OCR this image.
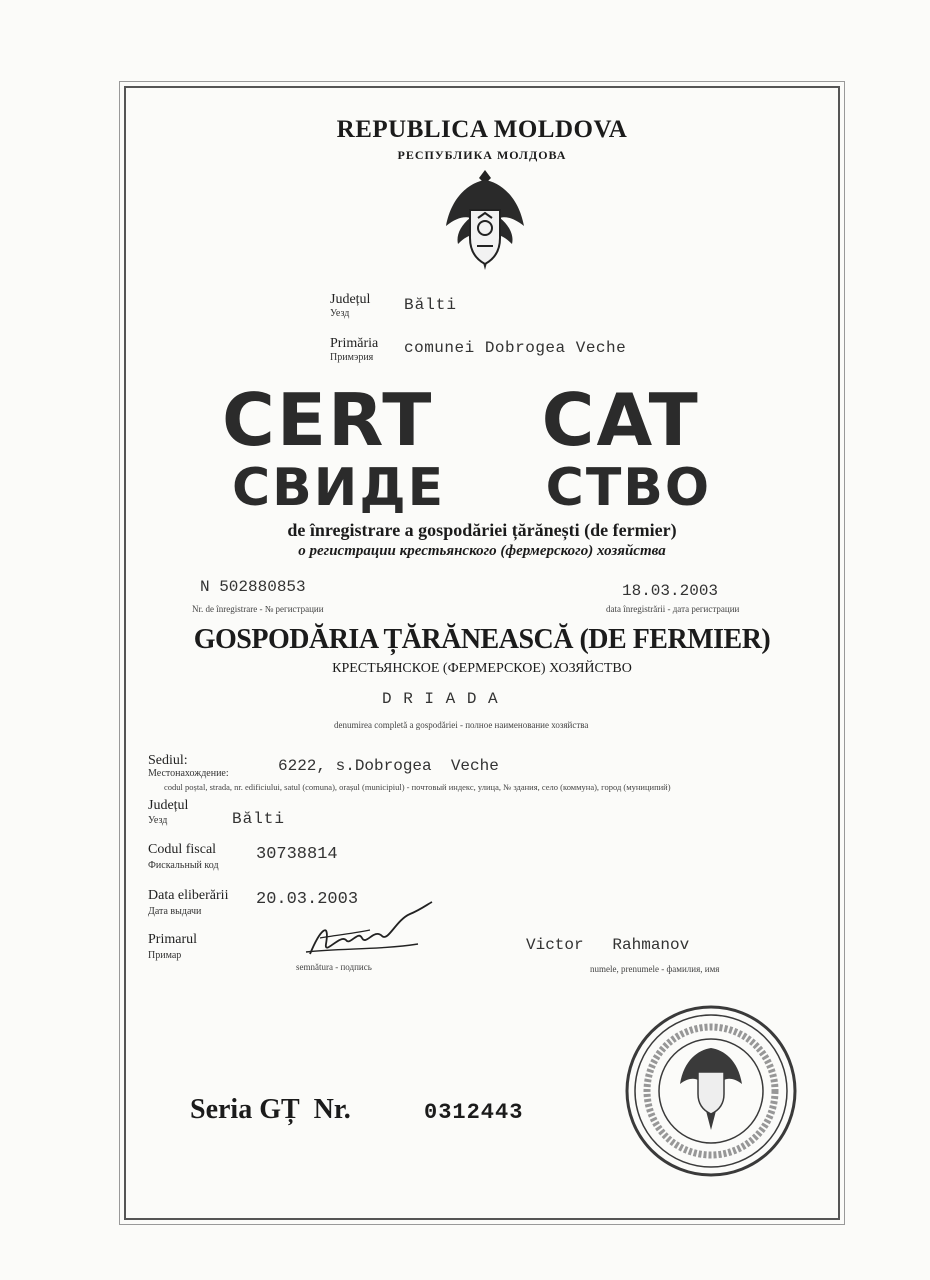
REPUBLICA MOLDOVA
РЕСПУБЛИКА МОЛДОВА
Județul
Уезд	Bălti
Primăria
Примэрия
comunei Dobrogea Veche
CERT    CAT
СВИДЕ     СТВО
de înregistrare a gospodăriei țărănești (de fermier)
о регистрации крестьянского (фермерского) хозяйства
N 502880853
Nr. de înregistrare - № регистрации
18.03.2003
data înregistrării - дата регистрации
GOSPODĂRIA ȚĂRĂNEASCĂ (DE FERMIER)
КРЕСТЬЯНСКОЕ (ФЕРМЕРСКОЕ) ХОЗЯЙСТВО
D R I A D A
denumirea completă a gospodăriei - полное наименование хозяйства
Sediul:
Местонахождение:	6222, s.Dobrogea  Veche
codul poștal, strada, nr. edificiului, satul (comuna), orașul (municipiul) - почтовый индекс, улица, № здания, село (коммуна), город (муниципий)
Județul
Уезд	Bălti
Codul fiscal
Фискальный код
30738814
Data eliberării
Дата выдачи
20.03.2003
Primarul
Примар
semnătura - подпись
Victor   Rahmanov
numele, prenumele - фамилия, имя
Seria GȚ  Nr.	0312443
